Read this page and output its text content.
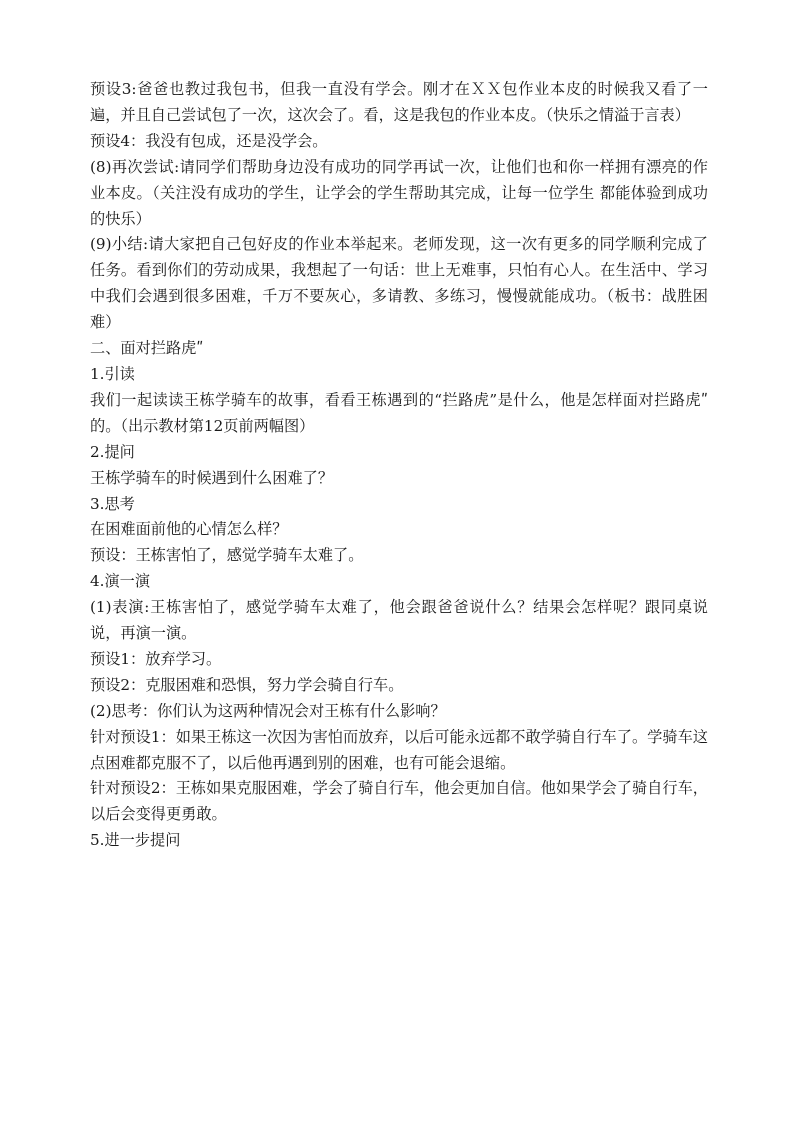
预设3:爸爸也教过我包书，但我一直没有学会。刚才在ＸＸ包作业本皮的时候我又看了一遍，并且自己尝试包了一次，这次会了。看，这是我包的作业本皮。（快乐之情溢于言表）

预设4：我没有包成，还是没学会。

(8)再次尝试:请同学们帮助身边没有成功的同学再试一次，让他们也和你一样拥有漂亮的作业本皮。（关注没有成功的学生，让学会的学生帮助其完成，让每一位学生 都能体验到成功的快乐）

(9)小结:请大家把自己包好皮的作业本举起来。老师发现，这一次有更多的同学顺利完成了任务。看到你们的劳动成果，我想起了一句话：世上无难事，只怕有心人。在生活中、学习中我们会遇到很多困难，千万不要灰心，多请教、多练习，慢慢就能成功。（板书：战胜困难）

二、面对拦路虎ʺ

1.引读

我们一起读读王栋学骑车的故事，看看王栋遇到的“拦路虎”是什么，他是怎样面对拦路虎ʺ的。（出示教材第12页前两幅图）

2.提问

王栋学骑车的时候遇到什么困难了？

3.思考

在困难面前他的心情怎么样？

预设：王栋害怕了，感觉学骑车太难了。

4.演一演

(1)表演:王栋害怕了，感觉学骑车太难了，他会跟爸爸说什么？结果会怎样呢？跟同桌说说，再演一演。

预设1：放弃学习。

预设2：克服困难和恐惧，努力学会骑自行车。

(2)思考：你们认为这两种情况会对王栋有什么影响？

针对预设1：如果王栋这一次因为害怕而放弃，以后可能永远都不敢学骑自行车了。学骑车这点困难都克服不了，以后他再遇到别的困难，也有可能会退缩。

针对预设2：王栋如果克服困难，学会了骑自行车，他会更加自信。他如果学会了骑自行车，以后会变得更勇敢。

5.进一步提问
